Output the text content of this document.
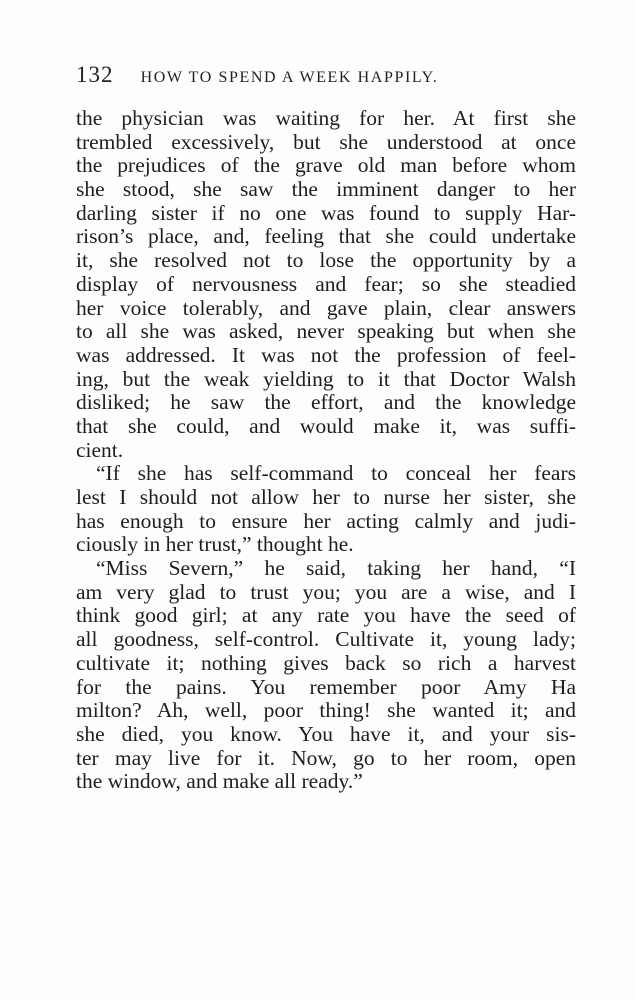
132 HOW TO SPEND A WEEK HAPPILY.
the physician was waiting for her. At first she
trembled excessively, but she understood at once
the prejudices of the grave old man before whom
she stood, she saw the imminent danger to her
darling sister if no one was found to supply Har-
rison’s place, and, feeling that she could undertake
it, she resolved not to lose the opportunity by a
display of nervousness and fear; so she steadied
her voice tolerably, and gave plain, clear answers
to all she was asked, never speaking but when she
was addressed. It was not the profession of feel-
ing, but the weak yielding to it that Doctor Walsh
disliked; he saw the effort, and the knowledge
that she could, and would make it, was suffi-
cient.
“If she has self-command to conceal her fears
lest I should not allow her to nurse her sister, she
has enough to ensure her acting calmly and judi-
ciously in her trust,” thought he.
“Miss Severn,” he said, taking her hand, “I
am very glad to trust you; you are a wise, and I
think good girl; at any rate you have the seed of
all goodness, self-control. Cultivate it, young lady;
cultivate it; nothing gives back so rich a harvest
for the pains. You remember poor Amy Ha
milton? Ah, well, poor thing! she wanted it; and
she died, you know. You have it, and your sis-
ter may live for it. Now, go to her room, open
the window, and make all ready.”
